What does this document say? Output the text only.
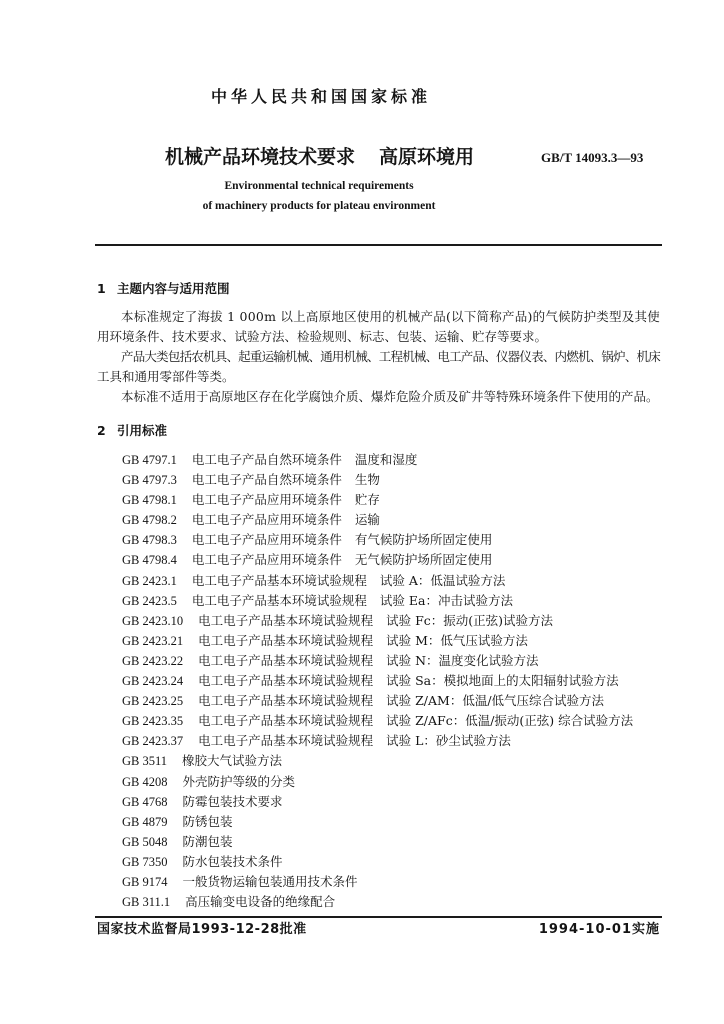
中华人民共和国国家标准
机械产品环境技术要求 高原环境用	GB/T 14093.3—93
Environmental technical requirements
of machinery products for plateau environment
1 主题内容与适用范围
本标准规定了海拔 1 000m 以上高原地区使用的机械产品(以下简称产品)的气候防护类型及其使
用环境条件、技术要求、试验方法、检验规则、标志、包装、运输、贮存等要求。
产品大类包括农机具、起重运输机械、通用机械、工程机械、电工产品、仪器仪表、内燃机、锅炉、机床
工具和通用零部件等类。
本标准不适用于高原地区存在化学腐蚀介质、爆炸危险介质及矿井等特殊环境条件下使用的产品。
2 引用标准
GB 4797.1 电工电子产品自然环境条件 温度和湿度
GB 4797.3 电工电子产品自然环境条件 生物
GB 4798.1 电工电子产品应用环境条件 贮存
GB 4798.2 电工电子产品应用环境条件 运输
GB 4798.3 电工电子产品应用环境条件 有气候防护场所固定使用
GB 4798.4 电工电子产品应用环境条件 无气候防护场所固定使用
GB 2423.1 电工电子产品基本环境试验规程 试验 A：低温试验方法
GB 2423.5 电工电子产品基本环境试验规程 试验 Ea：冲击试验方法
GB 2423.10 电工电子产品基本环境试验规程 试验 Fc：振动(正弦)试验方法
GB 2423.21 电工电子产品基本环境试验规程 试验 M：低气压试验方法
GB 2423.22 电工电子产品基本环境试验规程 试验 N：温度变化试验方法
GB 2423.24 电工电子产品基本环境试验规程 试验 Sa：模拟地面上的太阳辐射试验方法
GB 2423.25 电工电子产品基本环境试验规程 试验 Z/AM：低温/低气压综合试验方法
GB 2423.35 电工电子产品基本环境试验规程 试验 Z/AFc：低温/振动(正弦) 综合试验方法
GB 2423.37 电工电子产品基本环境试验规程 试验 L：砂尘试验方法
GB 3511 橡胶大气试验方法
GB 4208 外壳防护等级的分类
GB 4768 防霉包装技术要求
GB 4879 防锈包装
GB 5048 防潮包装
GB 7350 防水包装技术条件
GB 9174 一般货物运输包装通用技术条件
GB 311.1 高压输变电设备的绝缘配合
国家技术监督局1993-12-28批准	1994-10-01实施
